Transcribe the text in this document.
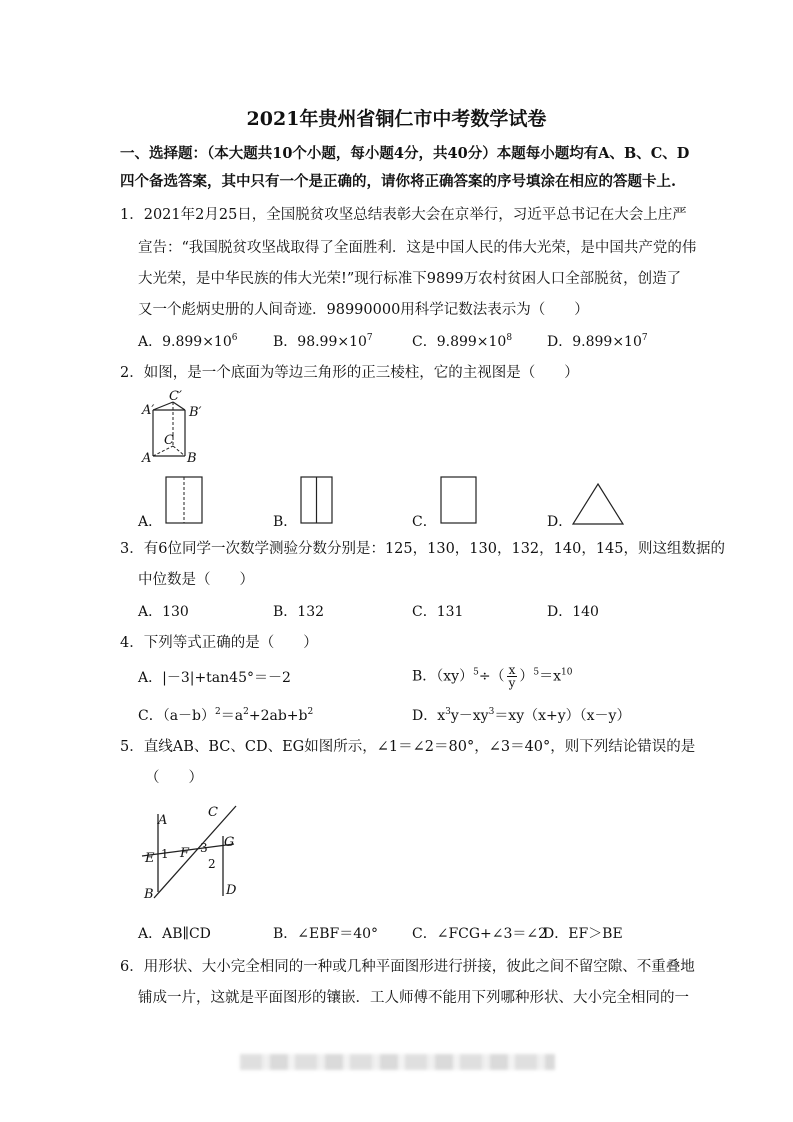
2021年贵州省铜仁市中考数学试卷
一、选择题：（本大题共10个小题，每小题4分，共40分）本题每小题均有A、B、C、D
四个备选答案，其中只有一个是正确的，请你将正确答案的序号填涂在相应的答题卡上.
1．2021年2月25日，全国脱贫攻坚总结表彰大会在京举行，习近平总书记在大会上庄严
宣告：“我国脱贫攻坚战取得了全面胜利．这是中国人民的伟大光荣，是中国共产党的伟
大光荣，是中华民族的伟大光荣!”现行标准下9899万农村贫困人口全部脱贫，创造了
又一个彪炳史册的人间奇迹．98990000用科学记数法表示为（　　）
A．$9.899\times 10^6$	B．$98.99\times 10^7$	C．$9.899\times 10^8$ D．$9.899\times 10^7$
2．如图，是一个底面为等边三角形的正三棱柱，它的主视图是（　　）
A′
C′
B′
C
A	B
A．	B．	C．	D．
3．有6位同学一次数学测验分数分别是：125，130，130，132，140，145，则这组数据的
中位数是（　　）
A．130	B．132	C．131	D．140
4．下列等式正确的是（　　）
A．|－3|+tan45°＝－2	B．$(xy)^5\div( \frac{x}{y} )^5=x^{10}$
C．$(a-b)^2=a^2+2ab+b^2$	D．$x^3y-xy^3=xy(x+y)(x-y)$
5．直线AB、BC、CD、EG如图所示，∠1＝∠2＝80°，∠3＝40°，则下列结论错误的是
（　　）
A
C
G
E 1 F 3
2
B	D
A．AB∥CD	B．∠EBF＝40° C．∠FCG+∠3＝∠2
D．EF＞BE
6．用形状、大小完全相同的一种或几种平面图形进行拼接，彼此之间不留空隙、不重叠地
铺成一片，这就是平面图形的镶嵌．工人师傅不能用下列哪种形状、大小完全相同的一
